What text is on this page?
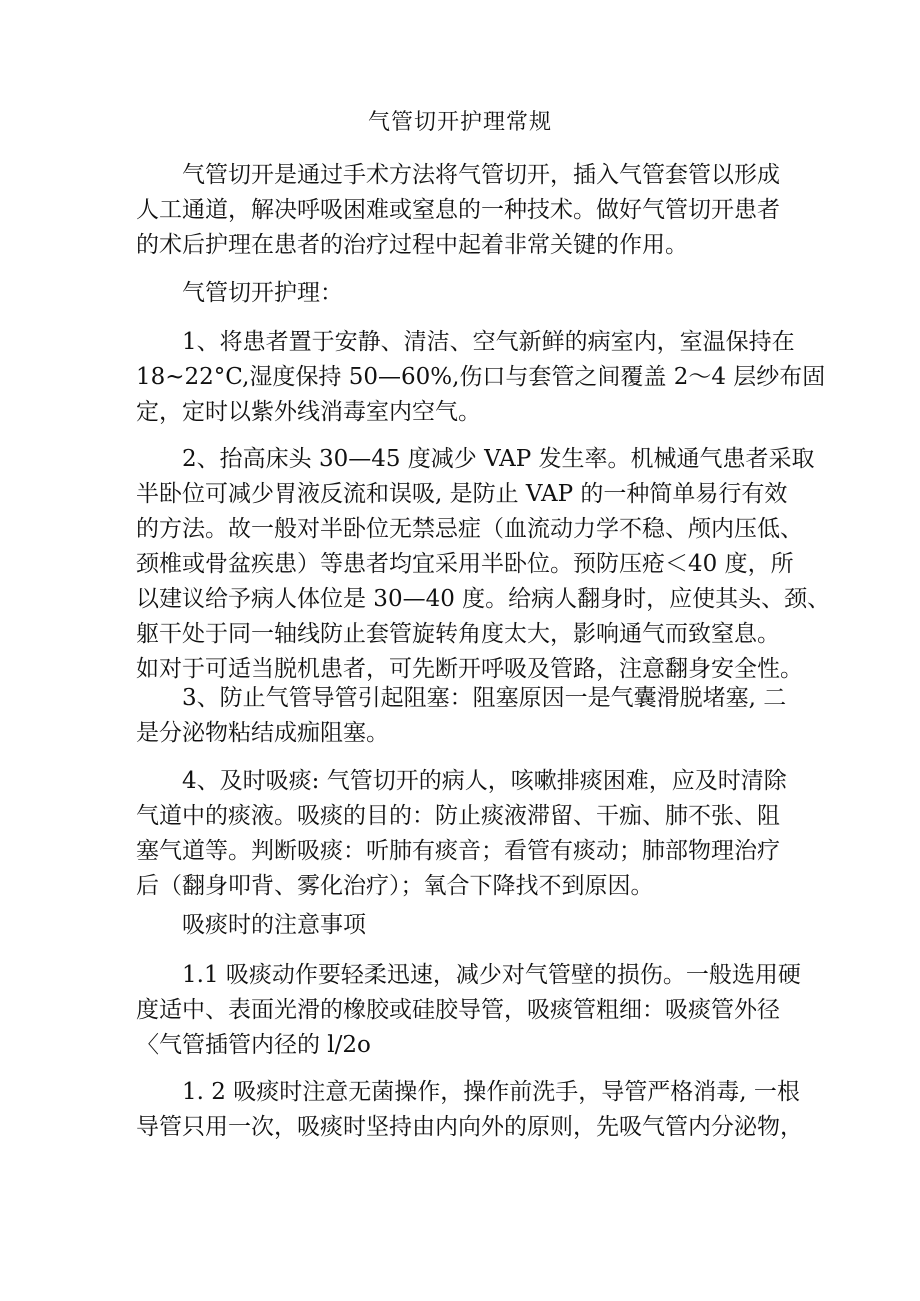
气管切开护理常规
气管切开是通过手术方法将气管切开，插入气管套管以形成
人工通道，解决呼吸困难或窒息的一种技术。做好气管切开患者
的术后护理在患者的治疗过程中起着非常关键的作用。
气管切开护理：
1、将患者置于安静、清洁、空气新鲜的病室内，室温保持在
18~22°C,湿度保持 50—60%,伤口与套管之间覆盖 2～4 层纱布固
定，定时以紫外线消毒室内空气。
2、抬高床头 30—45 度减少 VAP 发生率。机械通气患者采取
半卧位可减少胃液反流和误吸, 是防止 VAP 的一种简单易行有效
的方法。故一般对半卧位无禁忌症（血流动力学不稳、颅内压低、
颈椎或骨盆疾患）等患者均宜采用半卧位。预防压疮＜40 度，所
以建议给予病人体位是 30—40 度。给病人翻身时，应使其头、颈、
躯干处于同一轴线防止套管旋转角度太大，影响通气而致窒息。
如对于可适当脱机患者，可先断开呼吸及管路，注意翻身安全性。
3、防止气管导管引起阻塞：阻塞原因一是气囊滑脱堵塞, 二
是分泌物粘结成痂阻塞。
4、及时吸痰: 气管切开的病人，咳嗽排痰困难，应及时清除
气道中的痰液。吸痰的目的：防止痰液滞留、干痂、肺不张、阻
塞气道等。判断吸痰：听肺有痰音；看管有痰动；肺部物理治疗
后（翻身叩背、雾化治疗）；氧合下降找不到原因。
吸痰时的注意事项
1.1 吸痰动作要轻柔迅速，减少对气管壁的损伤。一般选用硬
度适中、表面光滑的橡胶或硅胶导管，吸痰管粗细：吸痰管外径
〈气管插管内径的 l/2o
1. 2 吸痰时注意无菌操作，操作前洗手，导管严格消毒, 一根
导管只用一次，吸痰时坚持由内向外的原则，先吸气管内分泌物，
